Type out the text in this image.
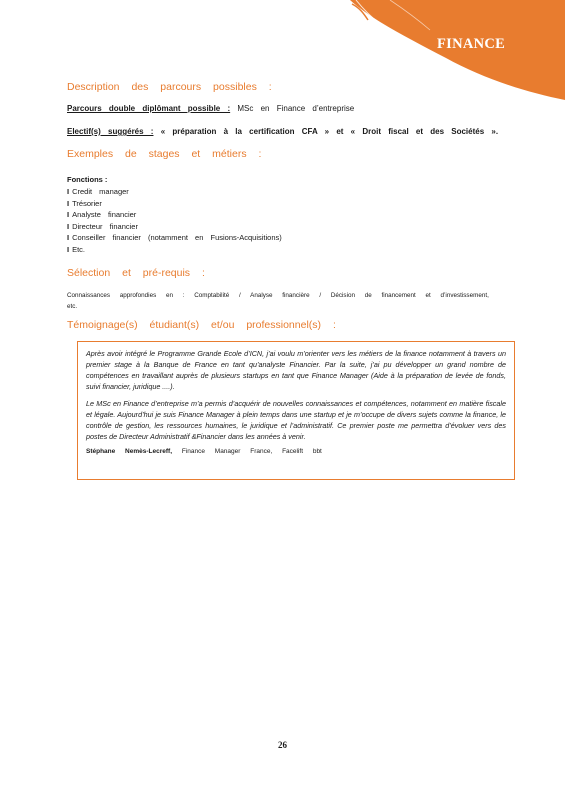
FINANCE
Description des parcours possibles :
Parcours double diplômant possible : MSc en Finance d’entreprise
Electif(s) suggérés : « préparation à la certification CFA » et « Droit fiscal et des Sociétés ».
Exemples de stages et métiers :
Fonctions :
I Credit manager
I Trésorier
I Analyste financier
I Directeur financier
I Conseiller financier (notamment en Fusions-Acquisitions)
I Etc.
Sélection et pré-requis :
Connaissances approfondies en : Comptabilité / Analyse financière / Décision de financement et d’investissement, etc.
Témoignage(s) étudiant(s) et/ou professionnel(s) :

Après avoir intégré le Programme Grande Ecole d’ICN, j’ai voulu m’orienter vers les métiers de la finance notamment à travers un premier stage à la Banque de France en tant qu’analyste Financier. Par la suite, j’ai pu développer un grand nombre de compétences en travaillant auprès de plusieurs startups en tant que Finance Manager (Aide à la préparation de levée de fonds, suivi financier, juridique ....).

Le MSc en Finance d’entreprise m’a permis d’acquérir de nouvelles connaissances et compétences, notamment en matière fiscale et légale. Aujourd’hui je suis Finance Manager à plein temps dans une startup et je m’occupe de divers sujets comme la finance, le contrôle de gestion, les ressources humaines, le juridique et l’administratif. Ce premier poste me permettra d’évoluer vers des postes de Directeur Administratif &Financier dans les années à venir.

Stéphane Nemès-Lecreff, Finance Manager France, Facelift bbt
26
